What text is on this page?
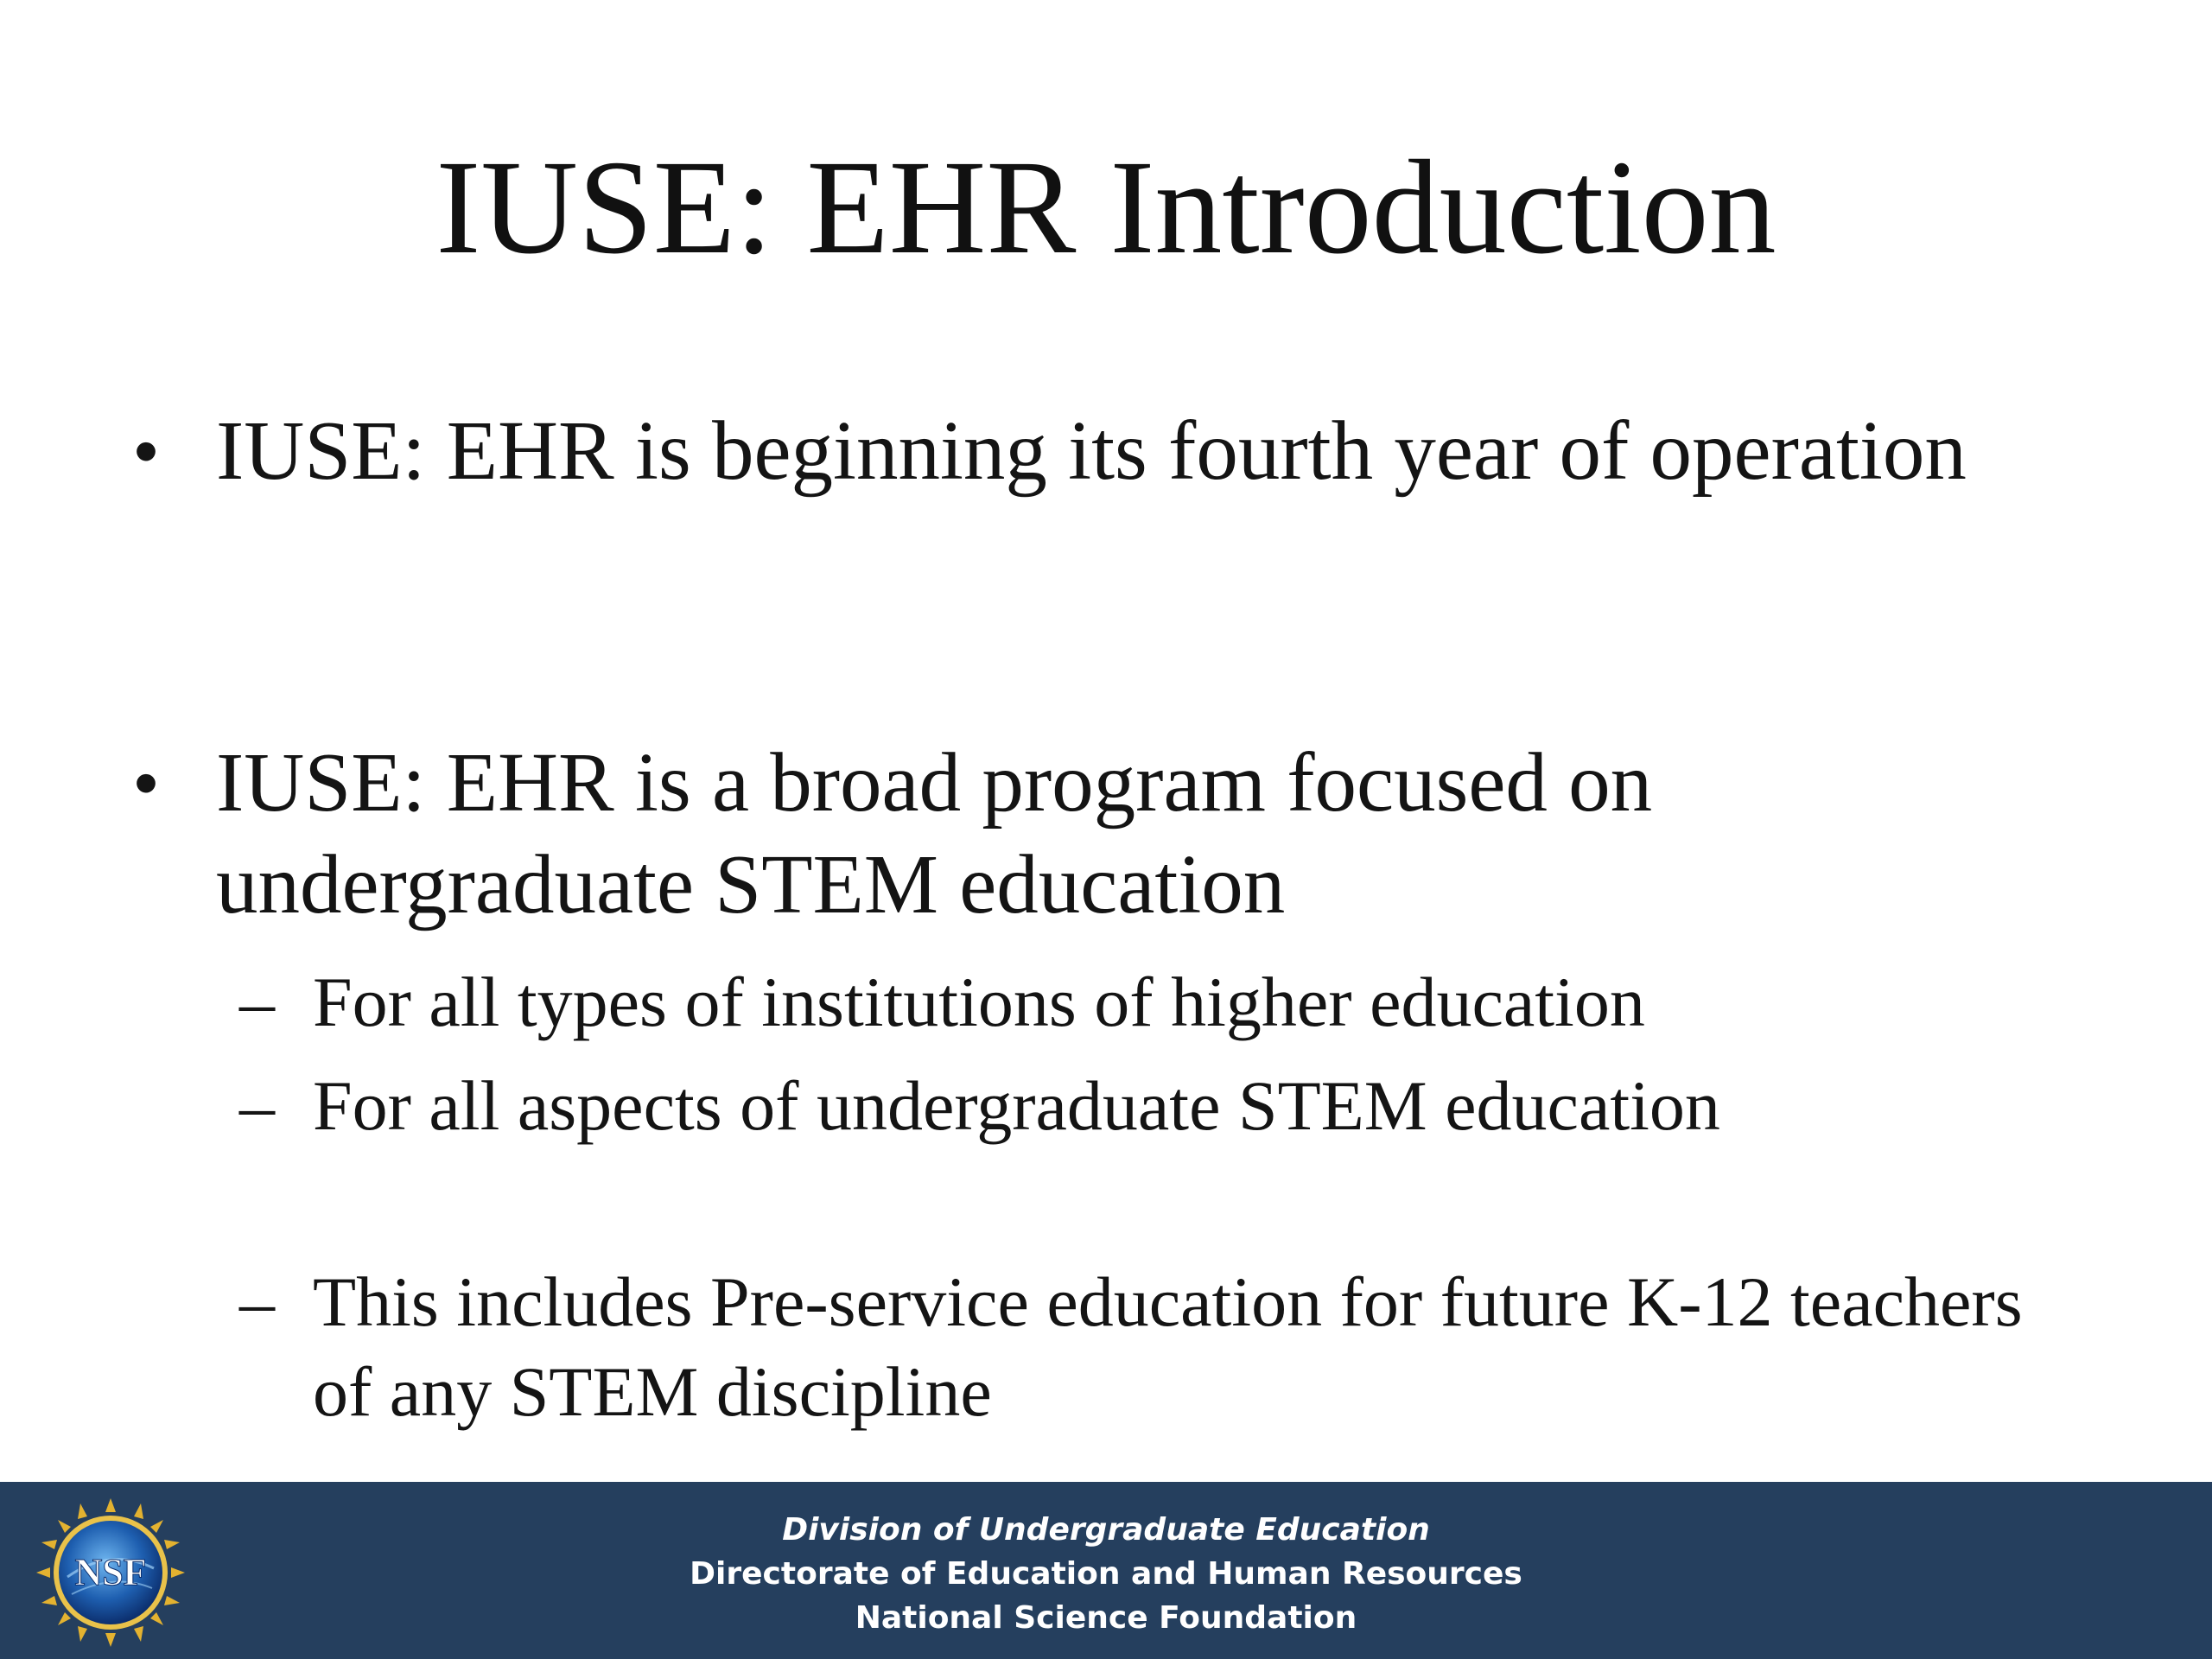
IUSE: EHR Introduction
• IUSE: EHR is beginning its fourth year of operation
• IUSE: EHR is a broad program focused on undergraduate STEM education
– For all types of institutions of higher education
– For all aspects of undergraduate STEM education
– This includes Pre-service education for future K-12 teachers of any STEM discipline
Division of Undergraduate Education
Directorate of Education and Human Resources
National Science Foundation
NSF
